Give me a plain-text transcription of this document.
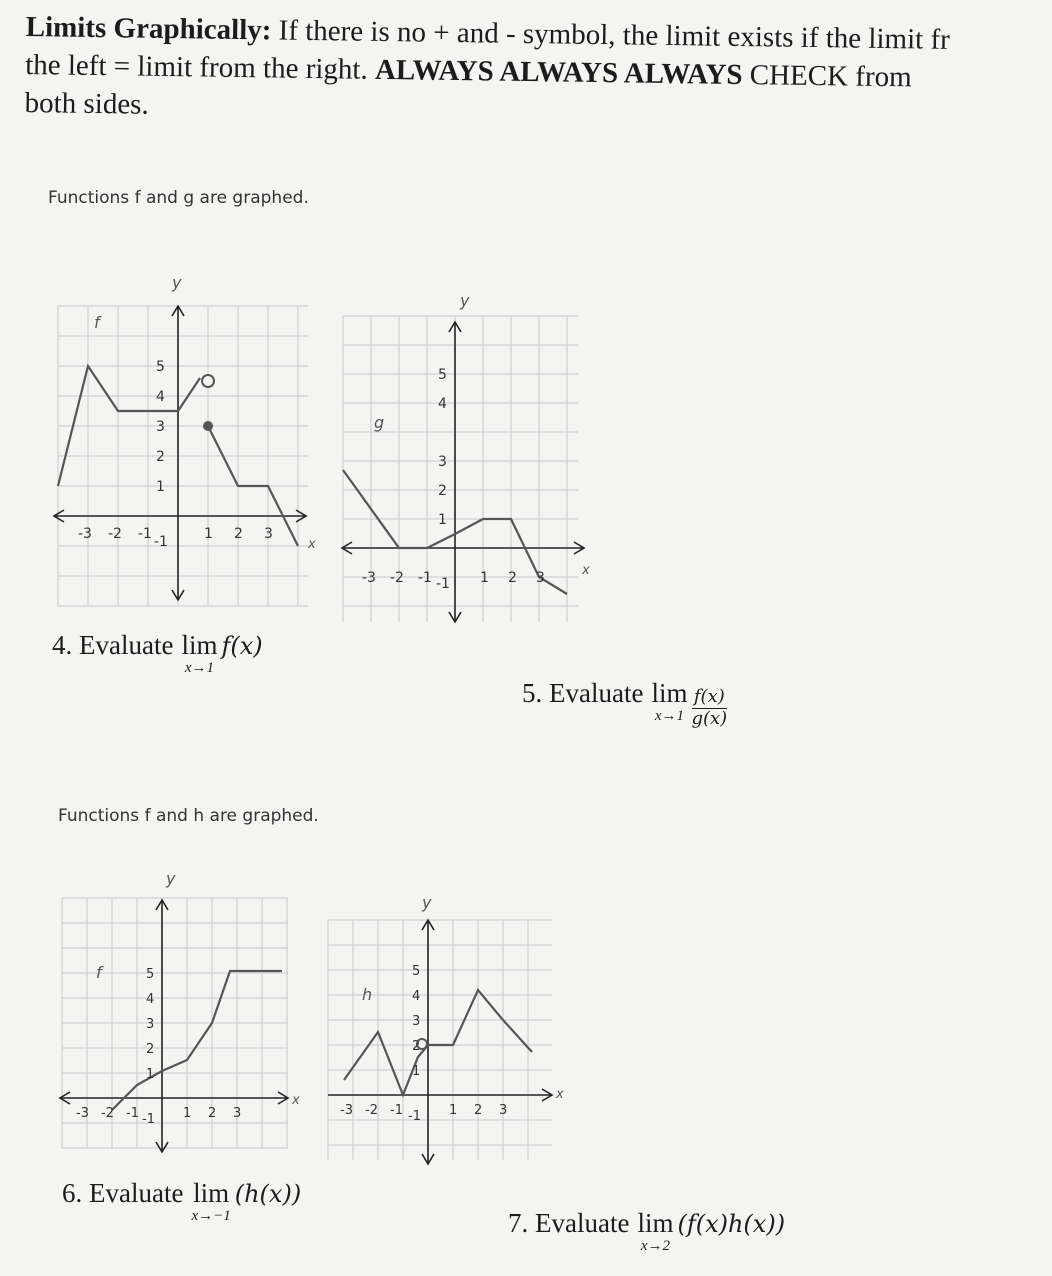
Limits Graphically: If there is no + and - symbol, the limit exists if the limit fr
the left = limit from the right. ALWAYS ALWAYS ALWAYS CHECK from
both sides.

Functions f and g are graphed.

f
y
x
-3 -2 -1	1 2 3
1
2
3
4
5
-1
g
y
x
-3 -2 -1	1 2 3
1
2
3
4
5
-1
4.
Evaluate lim
x→1
f(x)
5.
Evaluate lim
$x\to 1 \frac{f(x)}{g(x)}$

Functions f and h are graphed.

f
y
x
-3 -2 -1	1 2 3
1
2
3
4
5
-1
h
y
x
-3 -2 -1	1 2 3
1
2
3
4
5
-1
6.
Evaluate lim
x→−1
(h(x))
7.
Evaluate lim
x→2
(f(x)h(x))
